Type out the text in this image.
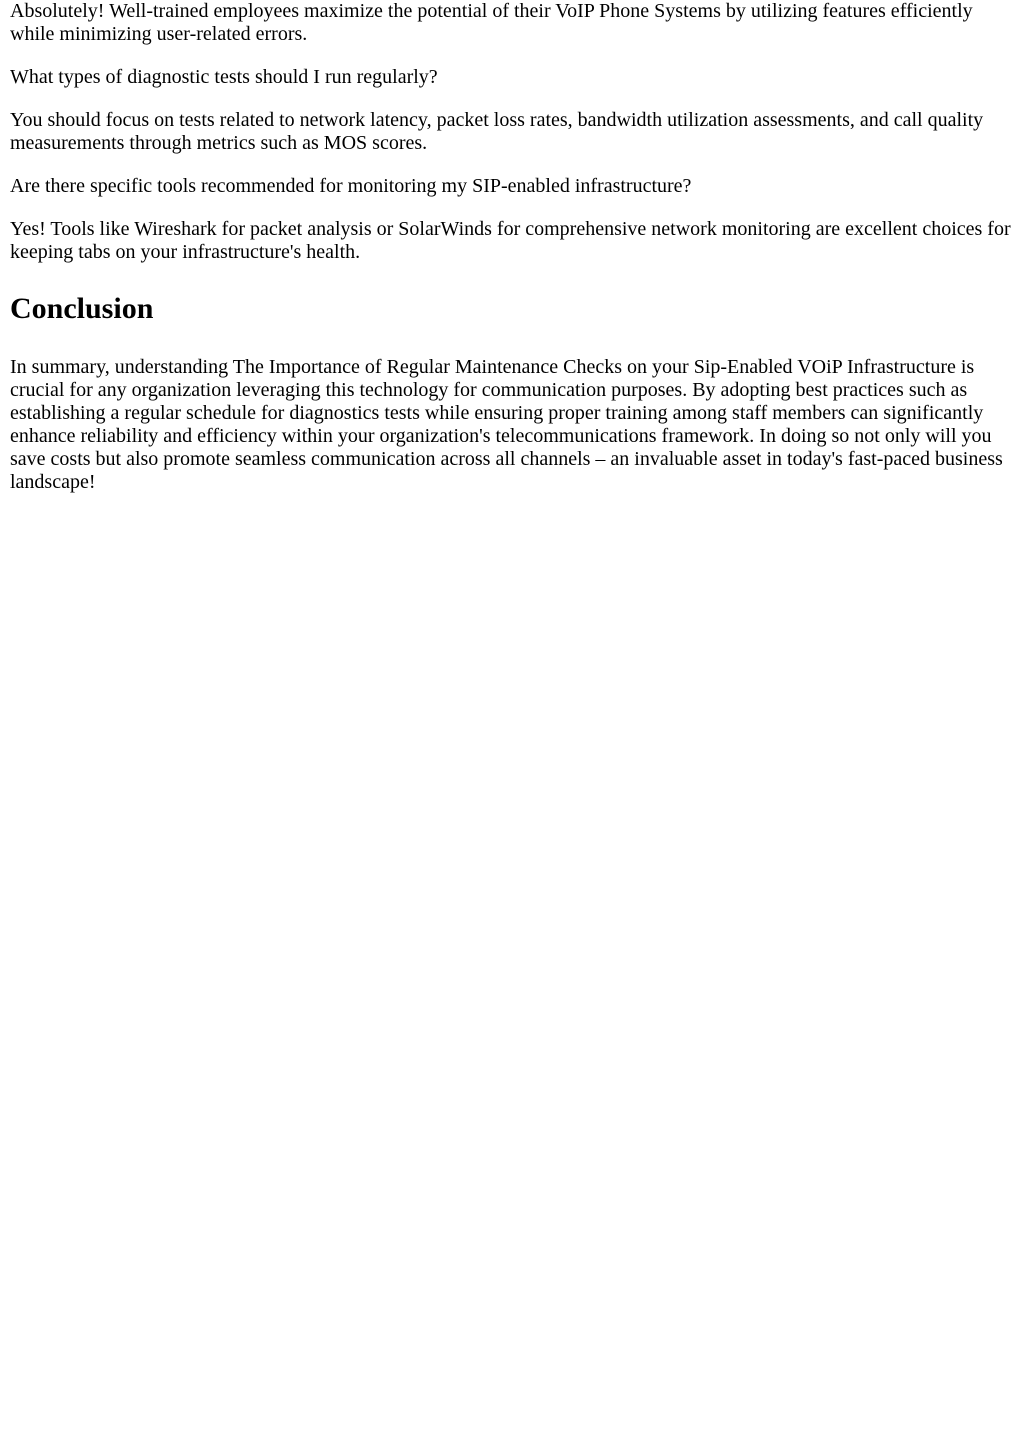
Absolutely! Well-trained employees maximize the potential of their VoIP Phone Systems by utilizing features efficiently while minimizing user-related errors.

What types of diagnostic tests should I run regularly?

You should focus on tests related to network latency, packet loss rates, bandwidth utilization assessments, and call quality measurements through metrics such as MOS scores.

Are there specific tools recommended for monitoring my SIP-enabled infrastructure?

Yes! Tools like Wireshark for packet analysis or SolarWinds for comprehensive network monitoring are excellent choices for keeping tabs on your infrastructure's health.

Conclusion

In summary, understanding The Importance of Regular Maintenance Checks on your Sip-Enabled VOiP Infrastructure is crucial for any organization leveraging this technology for communication purposes. By adopting best practices such as establishing a regular schedule for diagnostics tests while ensuring proper training among staff members can significantly enhance reliability and efficiency within your organization's telecommunications framework. In doing so not only will you save costs but also promote seamless communication across all channels – an invaluable asset in today's fast-paced business landscape!
